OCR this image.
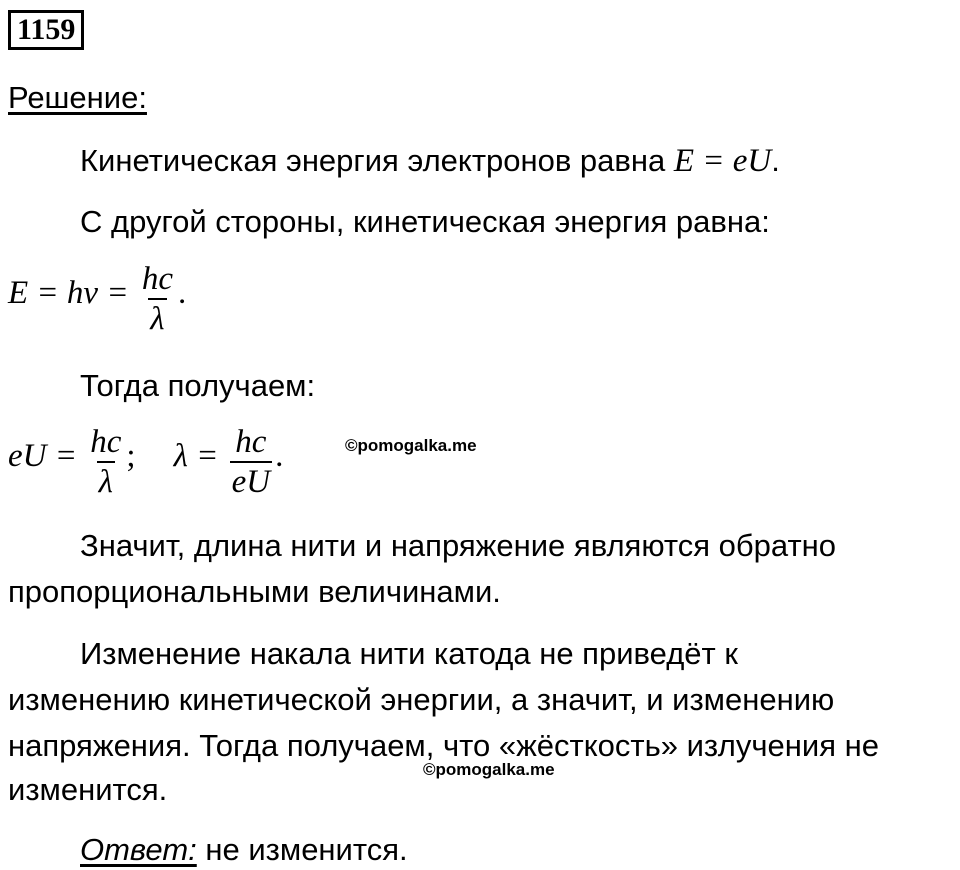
1159
Решение:
Кинетическая энергия электронов равна E = eU.
С другой стороны, кинетическая энергия равна:
$E = h\nu = \frac{hc}{\lambda}$ .
Тогда получаем:
eU = $\frac{hc}{\lambda}$ ; $\lambda = \frac{hc}{eU}$ .	©pomogalka.me
Значит, длина нити и напряжение являются обратно
пропорциональными величинами.
Изменение накала нити катода не приведёт к
изменению кинетической энергии, а значит, и изменению
напряжения. Тогда получаем, что «жёсткость» излучения не
©pomogalka.me
изменится.
Ответ: не изменится.
